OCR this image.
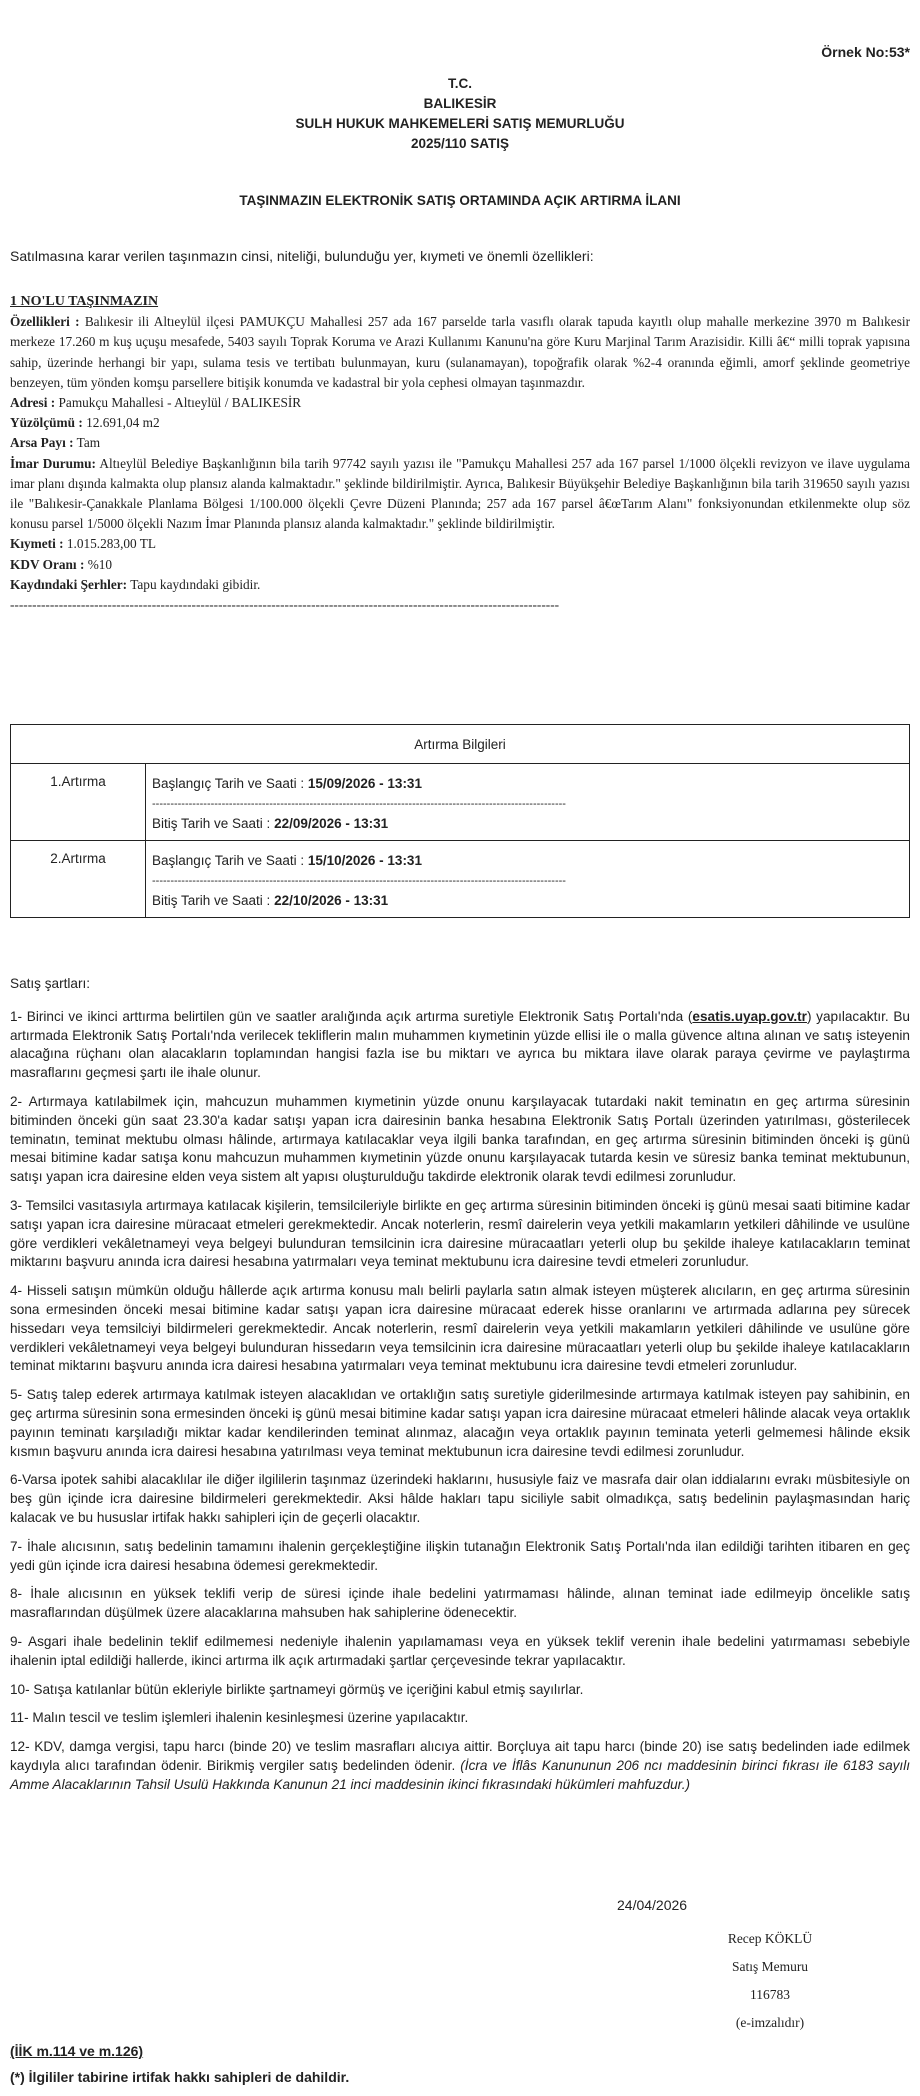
Örnek No:53*
T.C.
BALIKESİR
SULH HUKUK MAHKEMELERİ SATIŞ MEMURLUĞU
2025/110 SATIŞ
TAŞINMAZIN ELEKTRONİK SATIŞ ORTAMINDA AÇIK ARTIRMA İLANI
Satılmasına karar verilen taşınmazın cinsi, niteliği, bulunduğu yer, kıymeti ve önemli özellikleri:
1 NO'LU TAŞINMAZIN

Özellikleri : Balıkesir ili Altıeylül ilçesi PAMUKÇU Mahallesi 257 ada 167 parselde tarla vasıflı olarak tapuda kayıtlı olup mahalle merkezine 3970 m Balıkesir merkeze 17.260 m kuş uçuşu mesafede, 5403 sayılı Toprak Koruma ve Arazi Kullanımı Kanunu'na göre Kuru Marjinal Tarım Arazisidir. Killi â€“ milli toprak yapısına sahip, üzerinde herhangi bir yapı, sulama tesis ve tertibatı bulunmayan, kuru (sulanamayan), topoğrafik olarak %2-4 oranında eğimli, amorf şeklinde geometriye benzeyen, tüm yönden komşu parsellere bitişik konumda ve kadastral bir yola cephesi olmayan taşınmazdır.

Adresi : Pamukçu Mahallesi - Altıeylül / BALIKESİR

Yüzölçümü : 12.691,04 m2

Arsa Payı : Tam

İmar Durumu: Altıeylül Belediye Başkanlığının bila tarih 97742 sayılı yazısı ile "Pamukçu Mahallesi 257 ada 167 parsel 1/1000 ölçekli revizyon ve ilave uygulama imar planı dışında kalmakta olup plansız alanda kalmaktadır." şeklinde bildirilmiştir. Ayrıca, Balıkesir Büyükşehir Belediye Başkanlığının bila tarih 319650 sayılı yazısı ile "Balıkesir-Çanakkale Planlama Bölgesi 1/100.000 ölçekli Çevre Düzeni Planında; 257 ada 167 parsel â€œTarım Alanı" fonksiyonundan etkilenmekte olup söz konusu parsel 1/5000 ölçekli Nazım İmar Planında plansız alanda kalmaktadır." şeklinde bildirilmiştir.

Kıymeti : 1.015.283,00 TL

KDV Oranı : %10

Kaydındaki Şerhler: Tapu kaydındaki gibidir.

----------------------------------------------------------------------------------------------------------------------------
Artırma Bilgileri	
1.Artırma	Başlangıç Tarih ve Saati : 15/09/2026 - 13:31
-----------------------------------------------------------------------------------------------------------------
Bitiş Tarih ve Saati : 22/09/2026 - 13:31

2.Artırma	Başlangıç Tarih ve Saati : 15/10/2026 - 13:31
-----------------------------------------------------------------------------------------------------------------
Bitiş Tarih ve Saati : 22/10/2026 - 13:31

Satış şartları:

1- Birinci ve ikinci arttırma belirtilen gün ve saatler aralığında açık artırma suretiyle Elektronik Satış Portalı'nda (esatis.uyap.gov.tr) yapılacaktır. Bu artırmada Elektronik Satış Portalı'nda verilecek tekliflerin malın muhammen kıymetinin yüzde ellisi ile o malla güvence altına alınan ve satış isteyenin alacağına rüçhanı olan alacakların toplamından hangisi fazla ise bu miktarı ve ayrıca bu miktara ilave olarak paraya çevirme ve paylaştırma masraflarını geçmesi şartı ile ihale olunur.

2- Artırmaya katılabilmek için, mahcuzun muhammen kıymetinin yüzde onunu karşılayacak tutardaki nakit teminatın en geç artırma süresinin bitiminden önceki gün saat 23.30'a kadar satışı yapan icra dairesinin banka hesabına Elektronik Satış Portalı üzerinden yatırılması, gösterilecek teminatın, teminat mektubu olması hâlinde, artırmaya katılacaklar veya ilgili banka tarafından, en geç artırma süresinin bitiminden önceki iş günü mesai bitimine kadar satışa konu mahcuzun muhammen kıymetinin yüzde onunu karşılayacak tutarda kesin ve süresiz banka teminat mektubunun, satışı yapan icra dairesine elden veya sistem alt yapısı oluşturulduğu takdirde elektronik olarak tevdi edilmesi zorunludur.

3- Temsilci vasıtasıyla artırmaya katılacak kişilerin, temsilcileriyle birlikte en geç artırma süresinin bitiminden önceki iş günü mesai saati bitimine kadar satışı yapan icra dairesine müracaat etmeleri gerekmektedir. Ancak noterlerin, resmî dairelerin veya yetkili makamların yetkileri dâhilinde ve usulüne göre verdikleri vekâletnameyi veya belgeyi bulunduran temsilcinin icra dairesine müracaatları yeterli olup bu şekilde ihaleye katılacakların teminat miktarını başvuru anında icra dairesi hesabına yatırmaları veya teminat mektubunu icra dairesine tevdi etmeleri zorunludur.

4- Hisseli satışın mümkün olduğu hâllerde açık artırma konusu malı belirli paylarla satın almak isteyen müşterek alıcıların, en geç artırma süresinin sona ermesinden önceki mesai bitimine kadar satışı yapan icra dairesine müracaat ederek hisse oranlarını ve artırmada adlarına pey sürecek hissedarı veya temsilciyi bildirmeleri gerekmektedir. Ancak noterlerin, resmî dairelerin veya yetkili makamların yetkileri dâhilinde ve usulüne göre verdikleri vekâletnameyi veya belgeyi bulunduran hissedarın veya temsilcinin icra dairesine müracaatları yeterli olup bu şekilde ihaleye katılacakların teminat miktarını başvuru anında icra dairesi hesabına yatırmaları veya teminat mektubunu icra dairesine tevdi etmeleri zorunludur.

5- Satış talep ederek artırmaya katılmak isteyen alacaklıdan ve ortaklığın satış suretiyle giderilmesinde artırmaya katılmak isteyen pay sahibinin, en geç artırma süresinin sona ermesinden önceki iş günü mesai bitimine kadar satışı yapan icra dairesine müracaat etmeleri hâlinde alacak veya ortaklık payının teminatı karşıladığı miktar kadar kendilerinden teminat alınmaz, alacağın veya ortaklık payının teminata yeterli gelmemesi hâlinde eksik kısmın başvuru anında icra dairesi hesabına yatırılması veya teminat mektubunun icra dairesine tevdi edilmesi zorunludur.

6-Varsa ipotek sahibi alacaklılar ile diğer ilgililerin taşınmaz üzerindeki haklarını, hususiyle faiz ve masrafa dair olan iddialarını evrakı müsbitesiyle on beş gün içinde icra dairesine bildirmeleri gerekmektedir. Aksi hâlde hakları tapu siciliyle sabit olmadıkça, satış bedelinin paylaşmasından hariç kalacak ve bu hususlar irtifak hakkı sahipleri için de geçerli olacaktır.

7- İhale alıcısının, satış bedelinin tamamını ihalenin gerçekleştiğine ilişkin tutanağın Elektronik Satış Portalı'nda ilan edildiği tarihten itibaren en geç yedi gün içinde icra dairesi hesabına ödemesi gerekmektedir.

8- İhale alıcısının en yüksek teklifi verip de süresi içinde ihale bedelini yatırmaması hâlinde, alınan teminat iade edilmeyip öncelikle satış masraflarından düşülmek üzere alacaklarına mahsuben hak sahiplerine ödenecektir.

9- Asgari ihale bedelinin teklif edilmemesi nedeniyle ihalenin yapılamaması veya en yüksek teklif verenin ihale bedelini yatırmaması sebebiyle ihalenin iptal edildiği hallerde, ikinci artırma ilk açık artırmadaki şartlar çerçevesinde tekrar yapılacaktır.

10- Satışa katılanlar bütün ekleriyle birlikte şartnameyi görmüş ve içeriğini kabul etmiş sayılırlar.

11- Malın tescil ve teslim işlemleri ihalenin kesinleşmesi üzerine yapılacaktır.

12- KDV, damga vergisi, tapu harcı (binde 20) ve teslim masrafları alıcıya aittir. Borçluya ait tapu harcı (binde 20) ise satış bedelinden iade edilmek kaydıyla alıcı tarafından ödenir. Birikmiş vergiler satış bedelinden ödenir. (İcra ve İflâs Kanununun 206 ncı maddesinin birinci fıkrası ile 6183 sayılı Amme Alacaklarının Tahsil Usulü Hakkında Kanunun 21 inci maddesinin ikinci fıkrasındaki hükümleri mahfuzdur.)

24/04/2026
Recep KÖKLÜ
Satış Memuru
116783
(e-imzalıdır)
(İİK m.114 ve m.126)
(*) İlgililer tabirine irtifak hakkı sahipleri de dahildir.
